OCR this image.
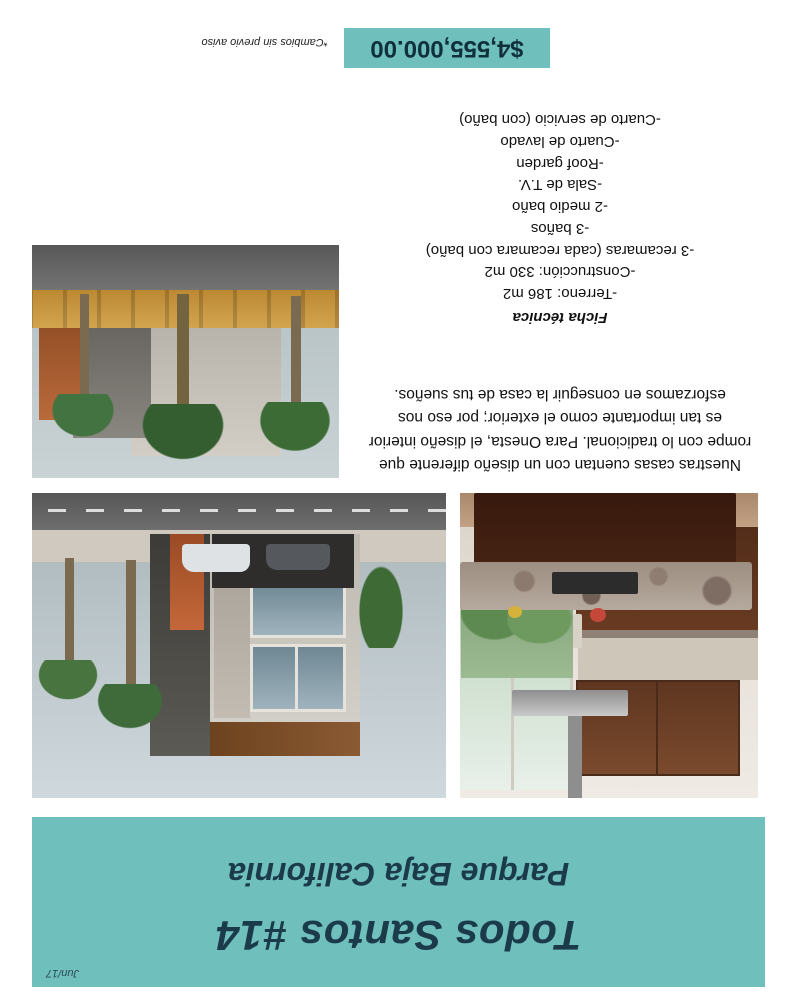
Jun/17
Todos Santos #14
Parque Baja California
Nuestras casas cuentan con un diseño diferente que rompe con lo tradicional. Para Onesta, el diseño interior es tan importante como el exterior; por eso nos esforzamos en conseguir la casa de tus sueños.
Ficha técnica
-Terreno: 186 m2
-Construcción: 330 m2
-3 recamaras (cada recamara con baño)
-3 baños
-2 medio baño
-Sala de T.V.
-Roof garden
-Cuarto de lavado
-Cuarto de servicio (con baño)
$4,555,000.00
*Cambios sin previo aviso
